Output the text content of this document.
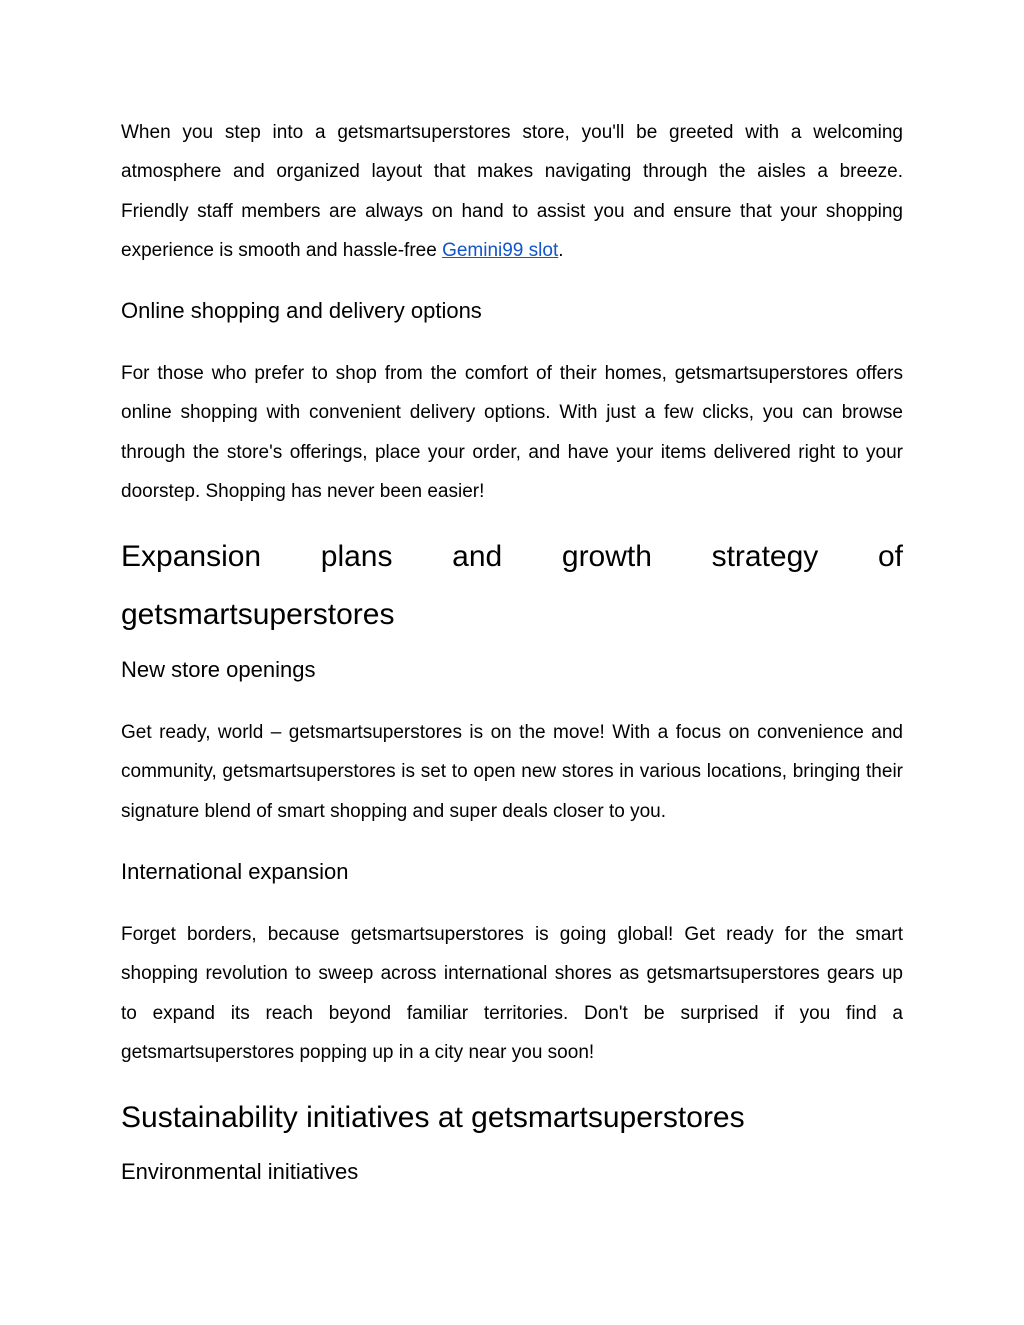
When you step into a getsmartsuperstores store, you'll be greeted with a welcoming atmosphere and organized layout that makes navigating through the aisles a breeze. Friendly staff members are always on hand to assist you and ensure that your shopping experience is smooth and hassle-free Gemini99 slot.

Online shopping and delivery options

For those who prefer to shop from the comfort of their homes, getsmartsuperstores offers online shopping with convenient delivery options. With just a few clicks, you can browse through the store's offerings, place your order, and have your items delivered right to your doorstep. Shopping has never been easier!

Expansion plans and growth strategy of getsmartsuperstores
New store openings

Get ready, world – getsmartsuperstores is on the move! With a focus on convenience and community, getsmartsuperstores is set to open new stores in various locations, bringing their signature blend of smart shopping and super deals closer to you.

International expansion

Forget borders, because getsmartsuperstores is going global! Get ready for the smart shopping revolution to sweep across international shores as getsmartsuperstores gears up to expand its reach beyond familiar territories. Don't be surprised if you find a getsmartsuperstores popping up in a city near you soon!

Sustainability initiatives at getsmartsuperstores
Environmental initiatives
